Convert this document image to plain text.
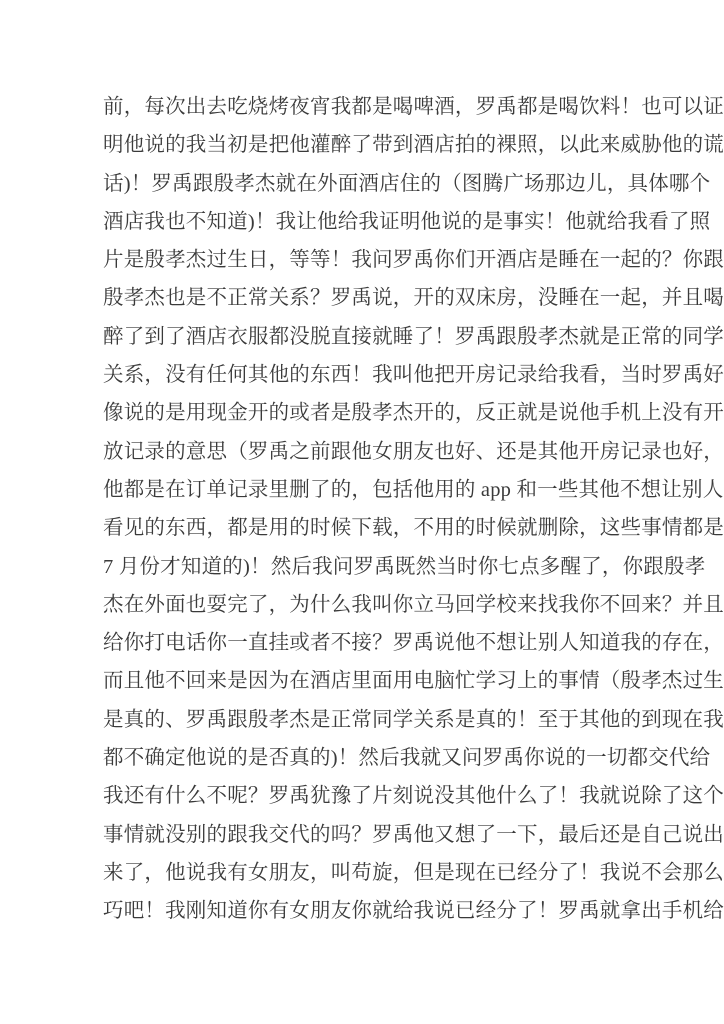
前，每次出去吃烧烤夜宵我都是喝啤酒，罗禹都是喝饮料！也可以证
明他说的我当初是把他灌醉了带到酒店拍的裸照，以此来威胁他的谎
话)！罗禹跟殷孝杰就在外面酒店住的（图腾广场那边儿，具体哪个
酒店我也不知道)！我让他给我证明他说的是事实！他就给我看了照
片是殷孝杰过生日，等等！我问罗禹你们开酒店是睡在一起的？你跟
殷孝杰也是不正常关系？罗禹说，开的双床房，没睡在一起，并且喝
醉了到了酒店衣服都没脱直接就睡了！罗禹跟殷孝杰就是正常的同学
关系，没有任何其他的东西！我叫他把开房记录给我看，当时罗禹好
像说的是用现金开的或者是殷孝杰开的，反正就是说他手机上没有开
放记录的意思（罗禹之前跟他女朋友也好、还是其他开房记录也好，
他都是在订单记录里删了的，包括他用的 app 和一些其他不想让别人
看见的东西，都是用的时候下载，不用的时候就删除，这些事情都是
7 月份才知道的)！然后我问罗禹既然当时你七点多醒了，你跟殷孝
杰在外面也耍完了，为什么我叫你立马回学校来找我你不回来？并且
给你打电话你一直挂或者不接？罗禹说他不想让别人知道我的存在，
而且他不回来是因为在酒店里面用电脑忙学习上的事情（殷孝杰过生
是真的、罗禹跟殷孝杰是正常同学关系是真的！至于其他的到现在我
都不确定他说的是否真的)！然后我就又问罗禹你说的一切都交代给
我还有什么不呢？罗禹犹豫了片刻说没其他什么了！我就说除了这个
事情就没别的跟我交代的吗？罗禹他又想了一下，最后还是自己说出
来了，他说我有女朋友，叫苟旋，但是现在已经分了！我说不会那么
巧吧！我刚知道你有女朋友你就给我说已经分了！罗禹就拿出手机给
